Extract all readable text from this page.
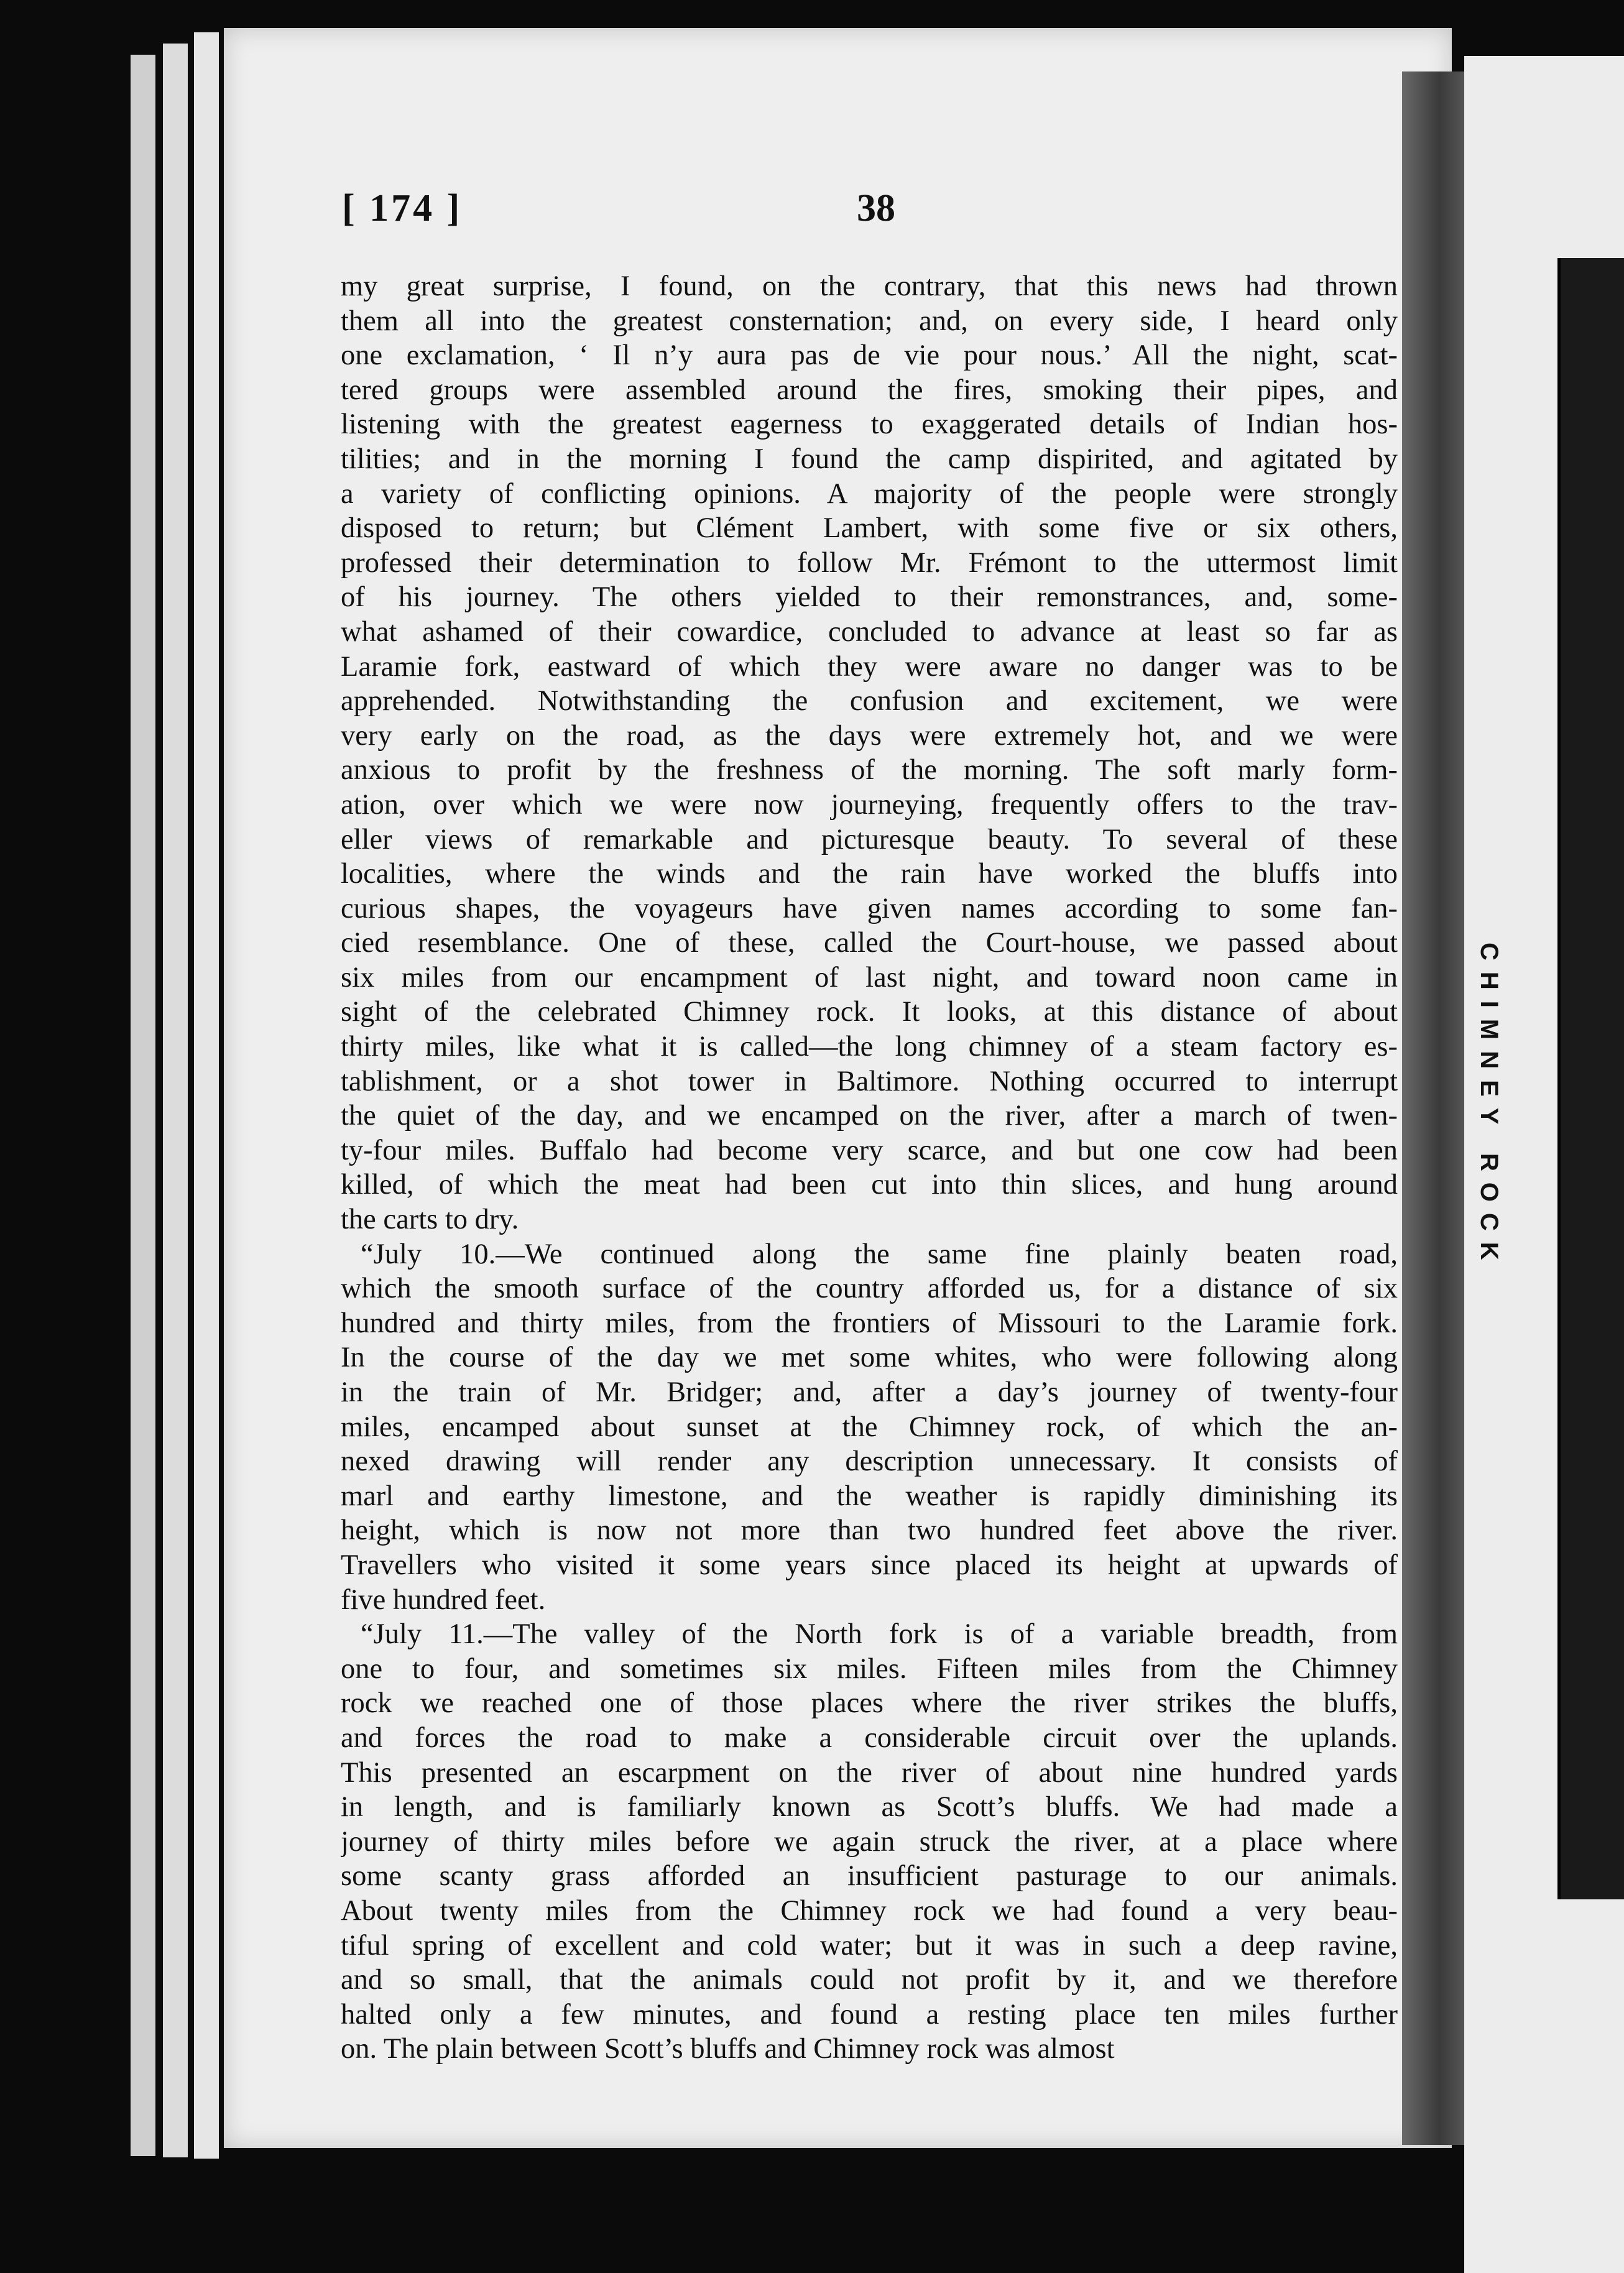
[ 174 ]	38
my great surprise, I found, on the contrary, that this news had thrown
them all into the greatest consternation; and, on every side, I heard only
one exclamation, ‘ Il n’y aura pas de vie pour nous.’ All the night, scat-
tered groups were assembled around the fires, smoking their pipes, and
listening with the greatest eagerness to exaggerated details of Indian hos-
tilities; and in the morning I found the camp dispirited, and agitated by
a variety of conflicting opinions. A majority of the people were strongly
disposed to return; but Clément Lambert, with some five or six others,
professed their determination to follow Mr. Frémont to the uttermost limit
of his journey. The others yielded to their remonstrances, and, some-
what ashamed of their cowardice, concluded to advance at least so far as
Laramie fork, eastward of which they were aware no danger was to be
apprehended. Notwithstanding the confusion and excitement, we were
very early on the road, as the days were extremely hot, and we were
anxious to profit by the freshness of the morning. The soft marly form-
ation, over which we were now journeying, frequently offers to the trav-
eller views of remarkable and picturesque beauty. To several of these
localities, where the winds and the rain have worked the bluffs into
curious shapes, the voyageurs have given names according to some fan-
cied resemblance. One of these, called the Court-house, we passed about
six miles from our encampment of last night, and toward noon came in
sight of the celebrated Chimney rock. It looks, at this distance of about
thirty miles, like what it is called—the long chimney of a steam factory es-
tablishment, or a shot tower in Baltimore. Nothing occurred to interrupt
the quiet of the day, and we encamped on the river, after a march of twen-
ty-four miles. Buffalo had become very scarce, and but one cow had been
killed, of which the meat had been cut into thin slices, and hung around
the carts to dry.
“July 10.—We continued along the same fine plainly beaten road,
which the smooth surface of the country afforded us, for a distance of six
hundred and thirty miles, from the frontiers of Missouri to the Laramie fork.
In the course of the day we met some whites, who were following along
in the train of Mr. Bridger; and, after a day’s journey of twenty-four
miles, encamped about sunset at the Chimney rock, of which the an-
nexed drawing will render any description unnecessary. It consists of
marl and earthy limestone, and the weather is rapidly diminishing its
height, which is now not more than two hundred feet above the river.
Travellers who visited it some years since placed its height at upwards of
five hundred feet.
“July 11.—The valley of the North fork is of a variable breadth, from
one to four, and sometimes six miles. Fifteen miles from the Chimney
rock we reached one of those places where the river strikes the bluffs,
and forces the road to make a considerable circuit over the uplands.
This presented an escarpment on the river of about nine hundred yards
in length, and is familiarly known as Scott’s bluffs. We had made a
journey of thirty miles before we again struck the river, at a place where
some scanty grass afforded an insufficient pasturage to our animals.
About twenty miles from the Chimney rock we had found a very beau-
tiful spring of excellent and cold water; but it was in such a deep ravine,
and so small, that the animals could not profit by it, and we therefore
halted only a few minutes, and found a resting place ten miles further
on. The plain between Scott’s bluffs and Chimney rock was almost
CHIMNEY ROCK
